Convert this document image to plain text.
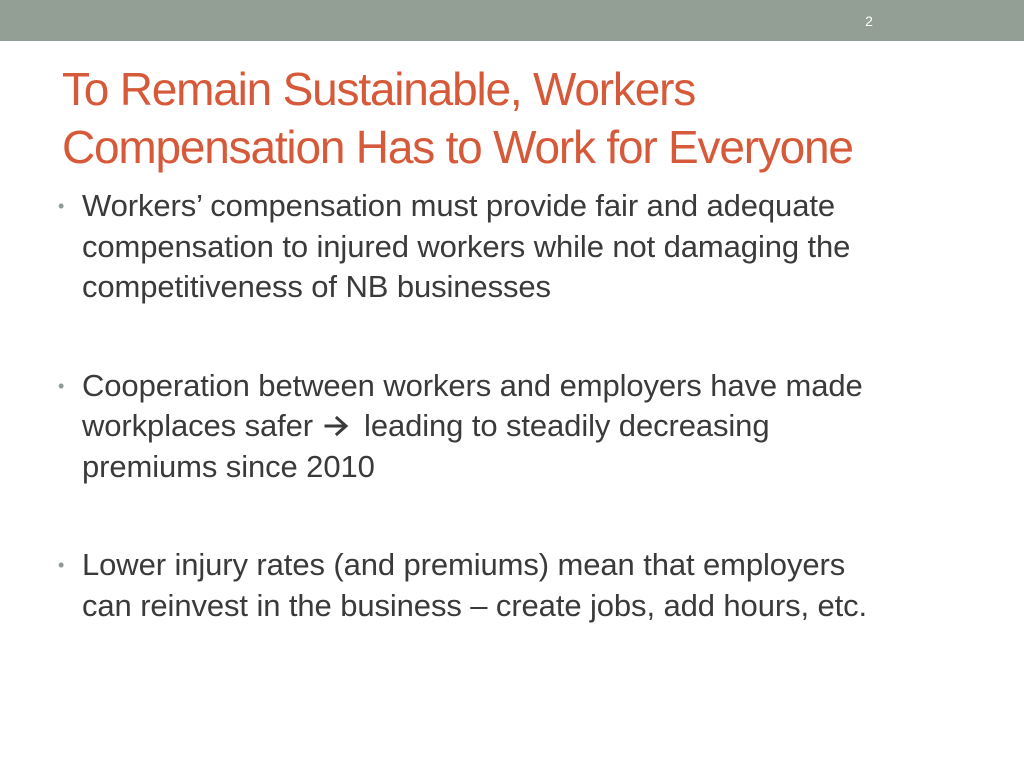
2
To Remain Sustainable, Workers
Compensation Has to Work for Everyone
• Workers’ compensation must provide fair and adequate
compensation to injured workers while not damaging the
competitiveness of NB businesses
• Cooperation between workers and employers have made
workplaces safer leading to steadily decreasing
premiums since 2010
• Lower injury rates (and premiums) mean that employers
can reinvest in the business – create jobs, add hours, etc.
